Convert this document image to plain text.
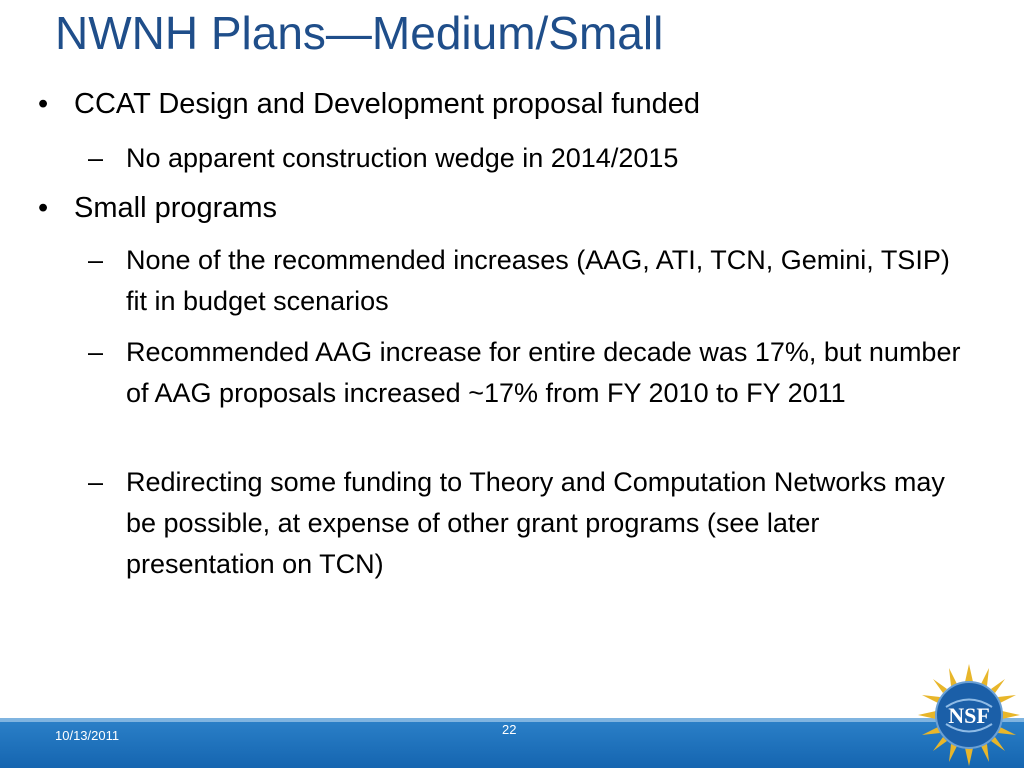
NWNH Plans—Medium/Small
• CCAT Design and Development proposal funded
– No apparent construction wedge in 2014/2015
• Small programs
– None of the recommended increases (AAG, ATI, TCN, Gemini, TSIP) fit in budget scenarios
– Recommended AAG increase for entire decade was 17%, but number of AAG proposals increased ~17% from FY 2010 to FY 2011
– Redirecting some funding to Theory and Computation Networks may be possible, at expense of other grant programs (see later presentation on TCN)
10/13/2011	22
NSF
